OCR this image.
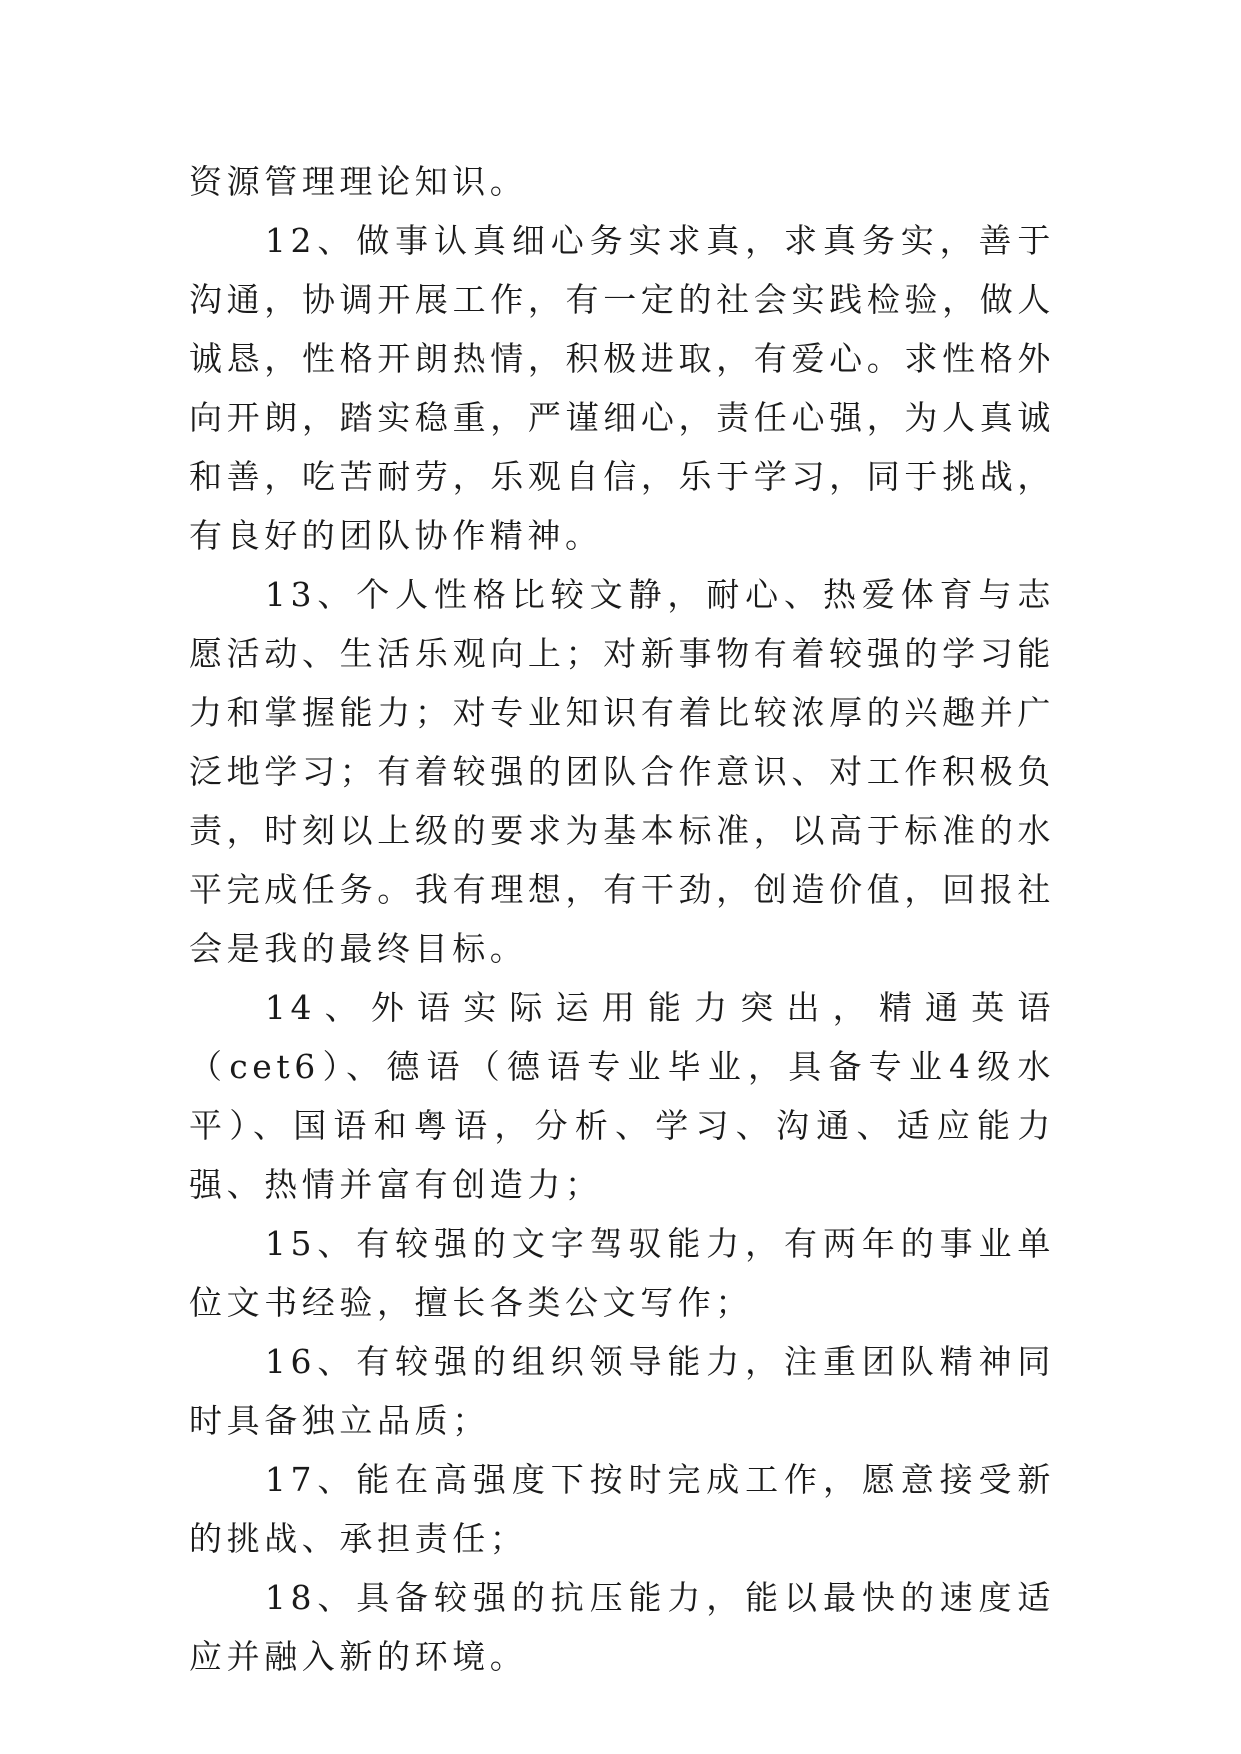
资源管理理论知识。

12、做事认真细心务实求真，求真务实，善于沟通，协调开展工作，有一定的社会实践检验，做人诚恳，性格开朗热情，积极进取，有爱心。求性格外向开朗，踏实稳重，严谨细心，责任心强，为人真诚和善，吃苦耐劳，乐观自信，乐于学习，同于挑战，有良好的团队协作精神。

13、个人性格比较文静，耐心、热爱体育与志愿活动、生活乐观向上；对新事物有着较强的学习能力和掌握能力；对专业知识有着比较浓厚的兴趣并广泛地学习；有着较强的团队合作意识、对工作积极负责，时刻以上级的要求为基本标准，以高于标准的水平完成任务。我有理想，有干劲，创造价值，回报社会是我的最终目标。

14、外语实际运用能力突出，精通英语（cet6）、德语（德语专业毕业，具备专业4级水平）、国语和粤语，分析、学习、沟通、适应能力强、热情并富有创造力；

15、有较强的文字驾驭能力，有两年的事业单位文书经验，擅长各类公文写作；

16、有较强的组织领导能力，注重团队精神同时具备独立品质；

17、能在高强度下按时完成工作，愿意接受新的挑战、承担责任；

18、具备较强的抗压能力，能以最快的速度适应并融入新的环境。
